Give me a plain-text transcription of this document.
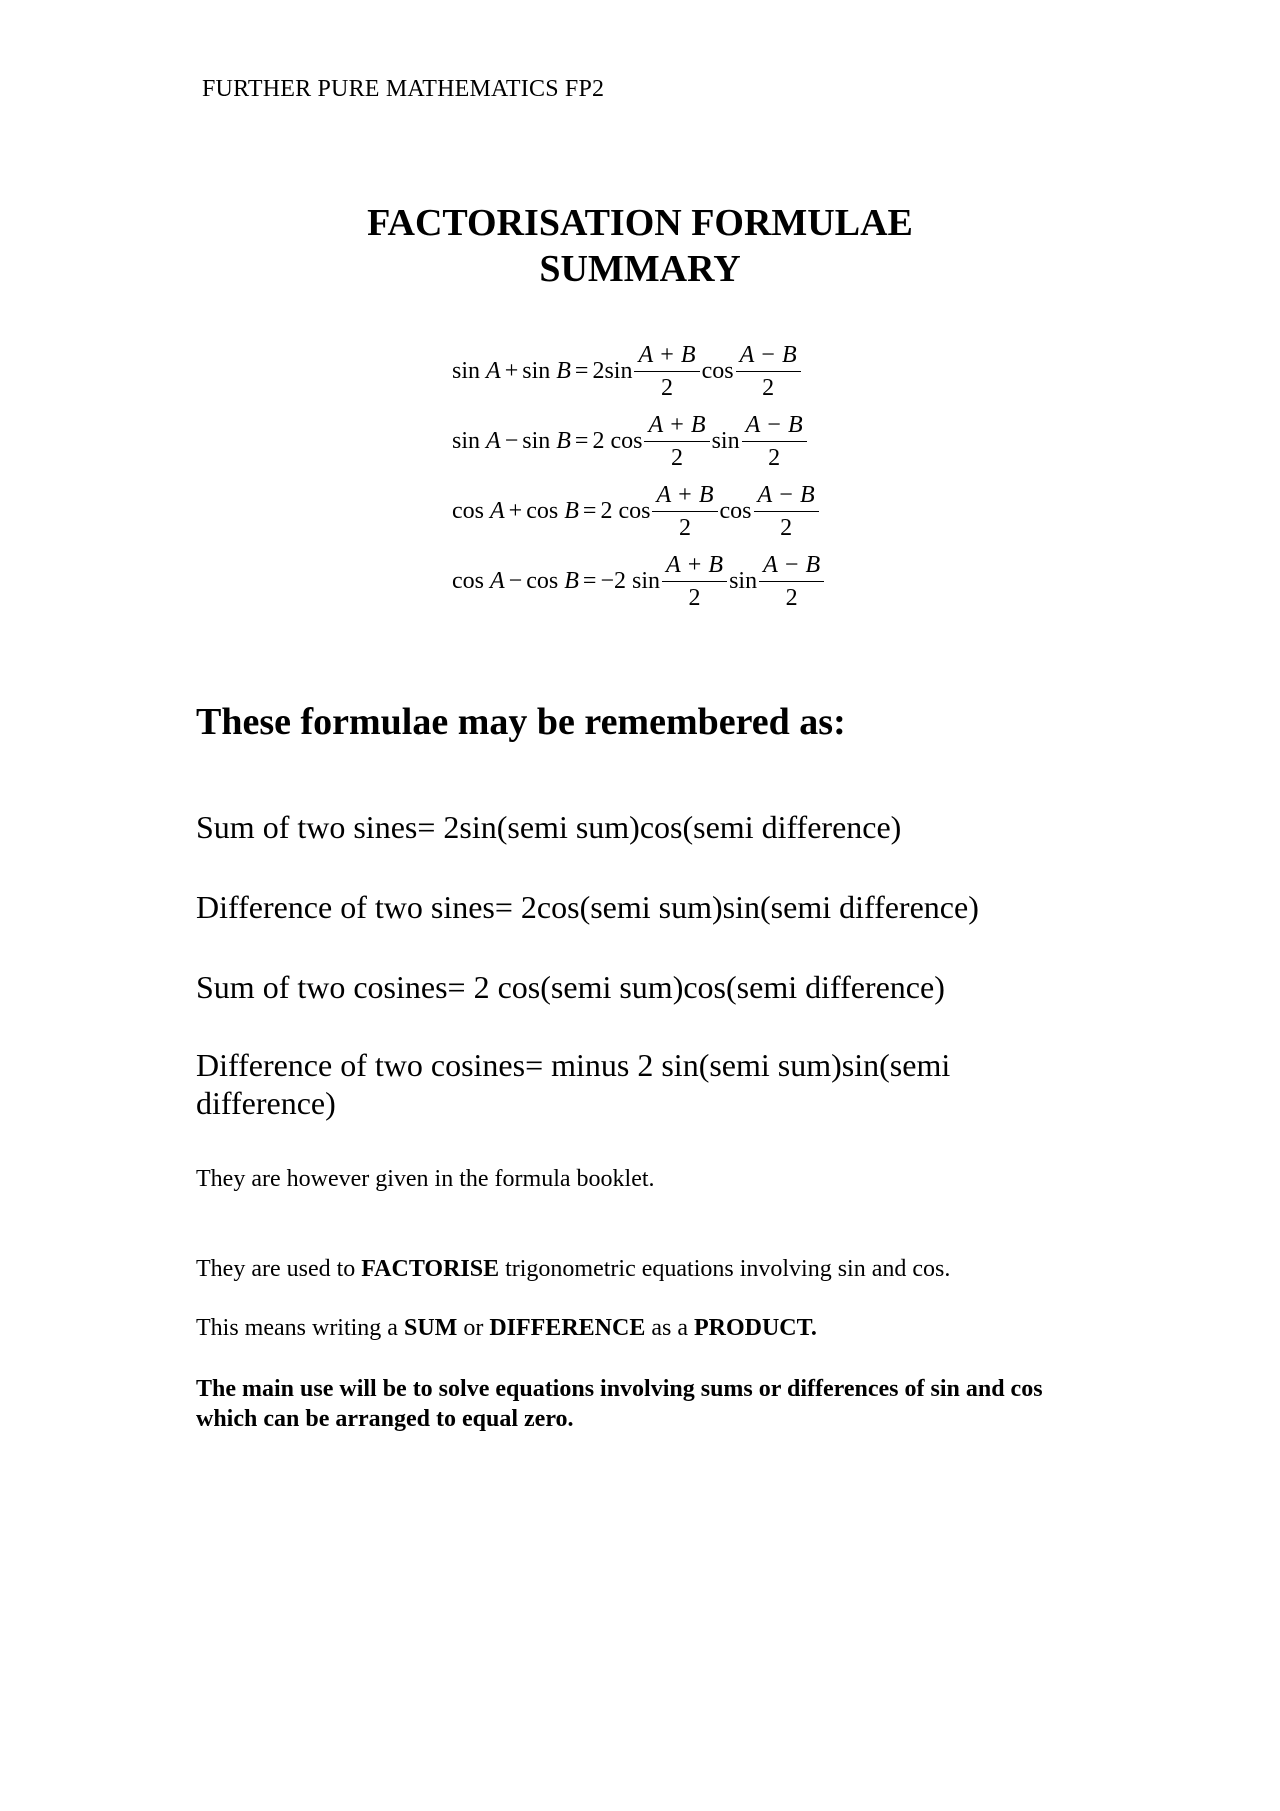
FURTHER PURE MATHEMATICS FP2
FACTORISATION FORMULAE
SUMMARY
sin
A + sin
B = 2 $\sin \frac{A + B}{2}$ $\cos \frac{A - B}{2}$
sin
A − sin
B = 2
$\cos \frac{A + B}{2}$ $\sin \frac{A - B}{2}$
cos
A + cos
B = 2
$\cos \frac{A + B}{2}$ $\cos \frac{A - B}{2}$
cos
A − cos
B = −2
$\sin \frac{A + B}{2}$ $\sin \frac{A - B}{2}$
These formulae may be remembered as:
Sum of two sines= 2sin(semi sum)cos(semi difference)
Difference of two sines= 2cos(semi sum)sin(semi difference)
Sum of two cosines= 2 cos(semi sum)cos(semi difference)
Difference of two cosines= minus 2 sin(semi sum)sin(semi difference)
They are however given in the formula booklet.
They are used to FACTORISE trigonometric equations involving sin and cos.
This means writing a SUM or DIFFERENCE as a PRODUCT.
The main use will be to solve equations involving sums or differences of sin and cos which can be arranged to equal zero.
